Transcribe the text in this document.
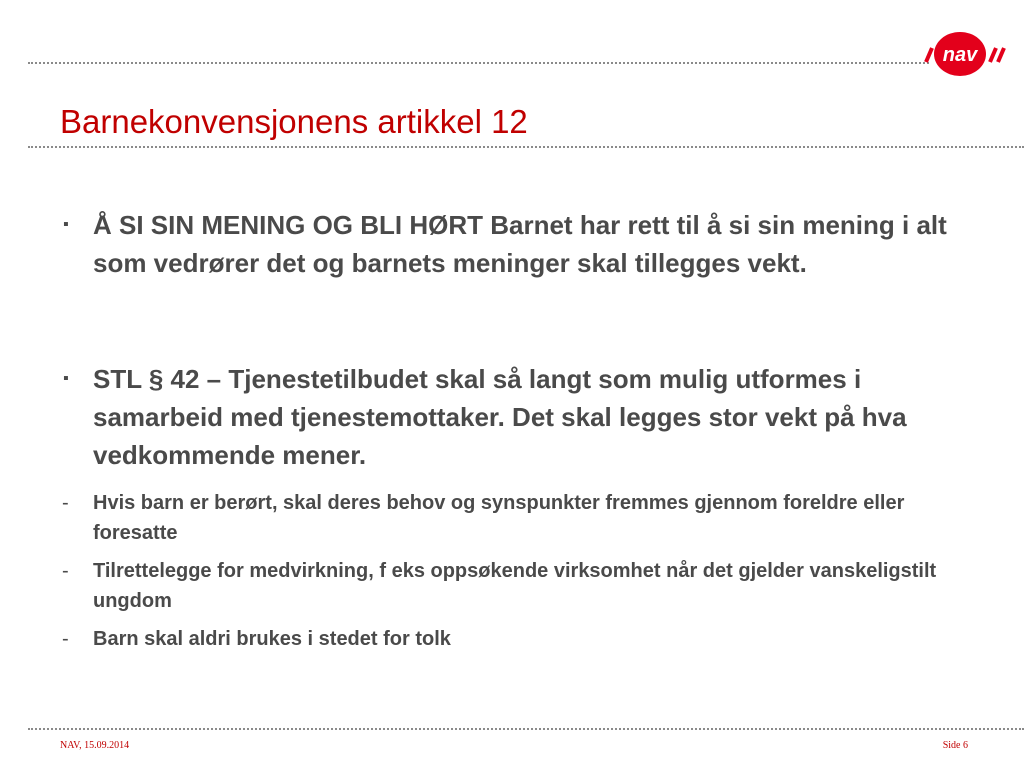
nav
Barnekonvensjonens artikkel 12
▪ Å SI SIN MENING OG BLI HØRT Barnet har rett til å si sin mening i alt som vedrører det og barnets meninger skal tillegges vekt.
▪ STL § 42 – Tjenestetilbudet skal så langt som mulig utformes i samarbeid med tjenestemottaker. Det skal legges stor vekt på hva vedkommende mener.
- Hvis barn er berørt, skal deres behov og synspunkter fremmes gjennom foreldre eller foresatte
- Tilrettelegge for medvirkning, f eks oppsøkende virksomhet når det gjelder vanskeligstilt ungdom
- Barn skal aldri brukes i stedet for tolk
NAV, 15.09.2014	Side 6
